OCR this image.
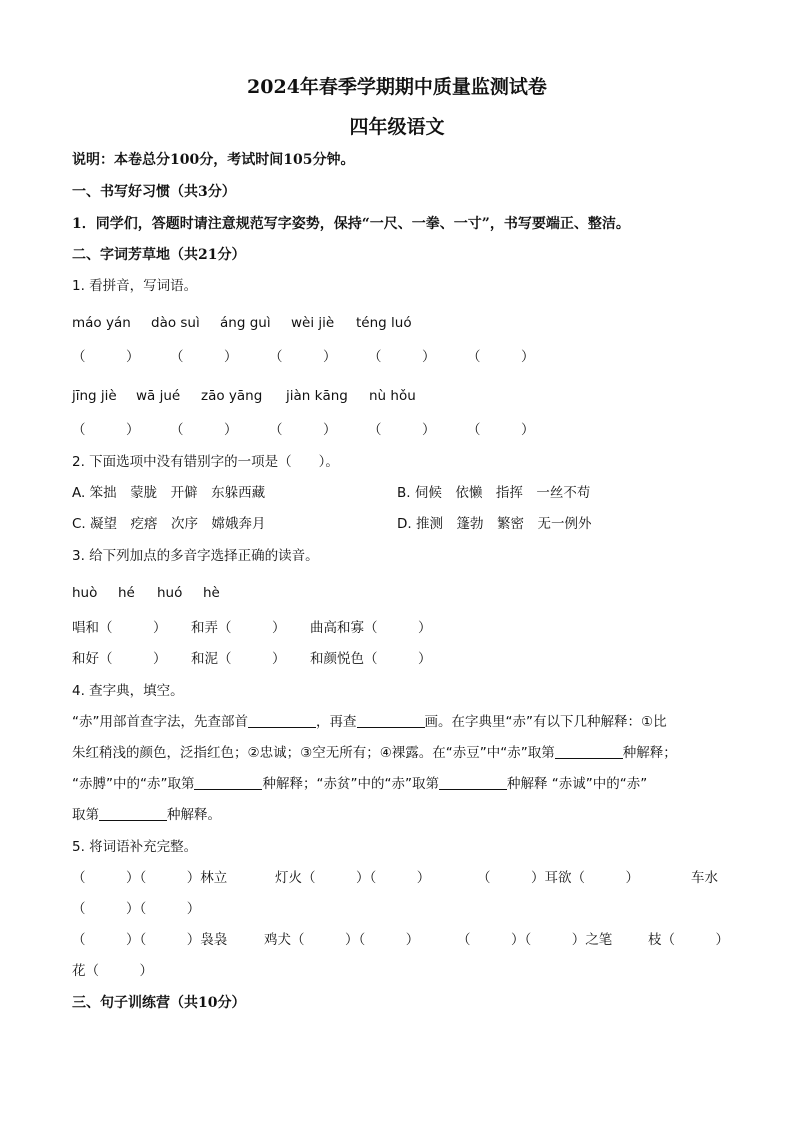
2024年春季学期期中质量监测试卷
四年级语文
说明：本卷总分100分，考试时间105分钟。
一、书写好习惯（共3分）
1．同学们，答题时请注意规范写字姿势，保持“一尺、一拳、一寸”，书写要端正、整洁。
二、字词芳草地（共21分）
1. 看拼音，写词语。
máo yán dào suì áng guì wèi jiè téng luó
（　　　） （　　　） （　　　） （　　　） （　　　）
jīng jiè wā jué zāo yāng jiàn kāng nù hǒu
（　　　） （　　　） （　　　） （　　　） （　　　）
2. 下面选项中没有错别字的一项是（　　）。
A. 笨拙　蒙胧　开僻　东躲西藏	B. 伺候　依懒　指挥　一丝不苟
C. 凝望　疙瘩　次序　嫦娥奔月	D. 推测　篷勃　繁密　无一例外
3. 给下列加点的多音字选择正确的读音。
huò hé huó hè
唱和（　　　） 和弄（　　　） 曲高和寡（　　　）
和好（　　　） 和泥（　　　） 和颜悦色（　　　）
4. 查字典，填空。
“赤”用部首查字法，先查部首	，再查	画。在字典里“赤”有以下几种解释：①比
朱红稍浅的颜色，泛指红色；②忠诚；③空无所有；④裸露。在“赤豆”中“赤”取第	种解释；
“赤膊”中的“赤”取第	种解释；“赤贫”中的“赤”取第	种解释 “赤诚”中的“赤”
取第	种解释。
5. 将词语补充完整。
（　　　）（　　　）林立	灯火（　　　）（　　　）	（　　　）耳欲（　　　）	车水
（　　　）（　　　）
（　　　）（　　　）袅袅	鸡犬（　　　）（　　　）	（　　　）（　　　）之笔	枝（　　　）
花（　　　）
三、句子训练营（共10分）
